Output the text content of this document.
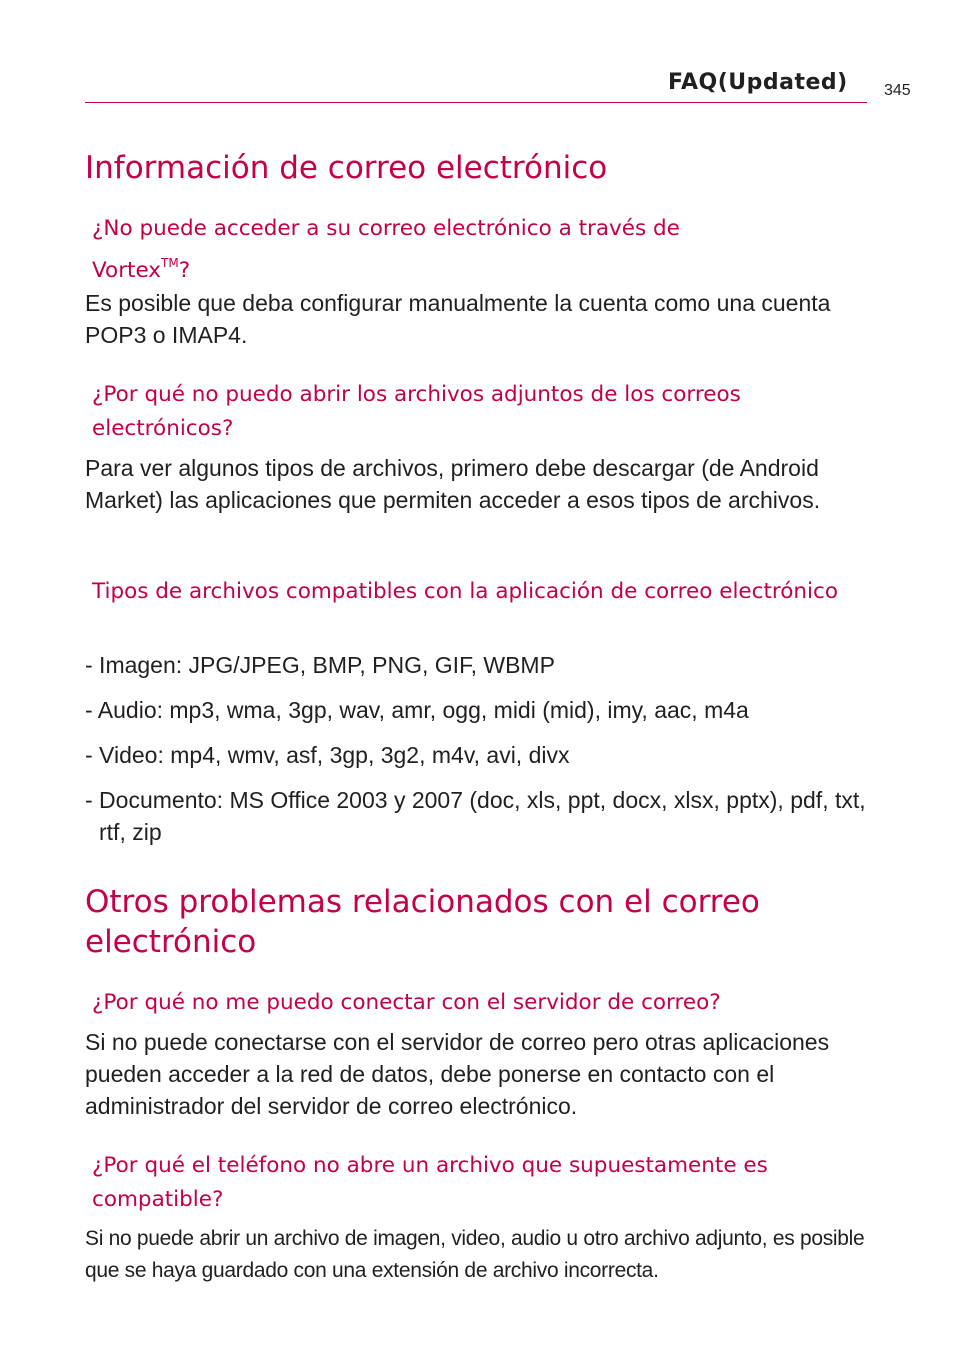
FAQ(Updated) 345
Información de correo electrónico
¿No puede acceder a su correo electrónico a través de
Vortex™?

Es posible que deba configurar manualmente la cuenta como una cuenta POP3 o IMAP4.

¿Por qué no puedo abrir los archivos adjuntos de los correos electrónicos?

Para ver algunos tipos de archivos, primero debe descargar (de Android Market) las aplicaciones que permiten acceder a esos tipos de archivos.

Tipos de archivos compatibles con la aplicación de correo electrónico

- Imagen: JPG/JPEG, BMP, PNG, GIF, WBMP

- Audio: mp3, wma, 3gp, wav, amr, ogg, midi (mid), imy, aac, m4a

- Video: mp4, wmv, asf, 3gp, 3g2, m4v, avi, divx

- Documento: MS Office 2003 y 2007 (doc, xls, ppt, docx, xlsx, pptx), pdf, txt, rtf, zip

Otros problemas relacionados con el correo electrónico
¿Por qué no me puedo conectar con el servidor de correo?

Si no puede conectarse con el servidor de correo pero otras aplicaciones pueden acceder a la red de datos, debe ponerse en contacto con el administrador del servidor de correo electrónico.

¿Por qué el teléfono no abre un archivo que supuestamente es compatible?

Si no puede abrir un archivo de imagen, video, audio u otro archivo adjunto, es posible que se haya guardado con una extensión de archivo incorrecta.
